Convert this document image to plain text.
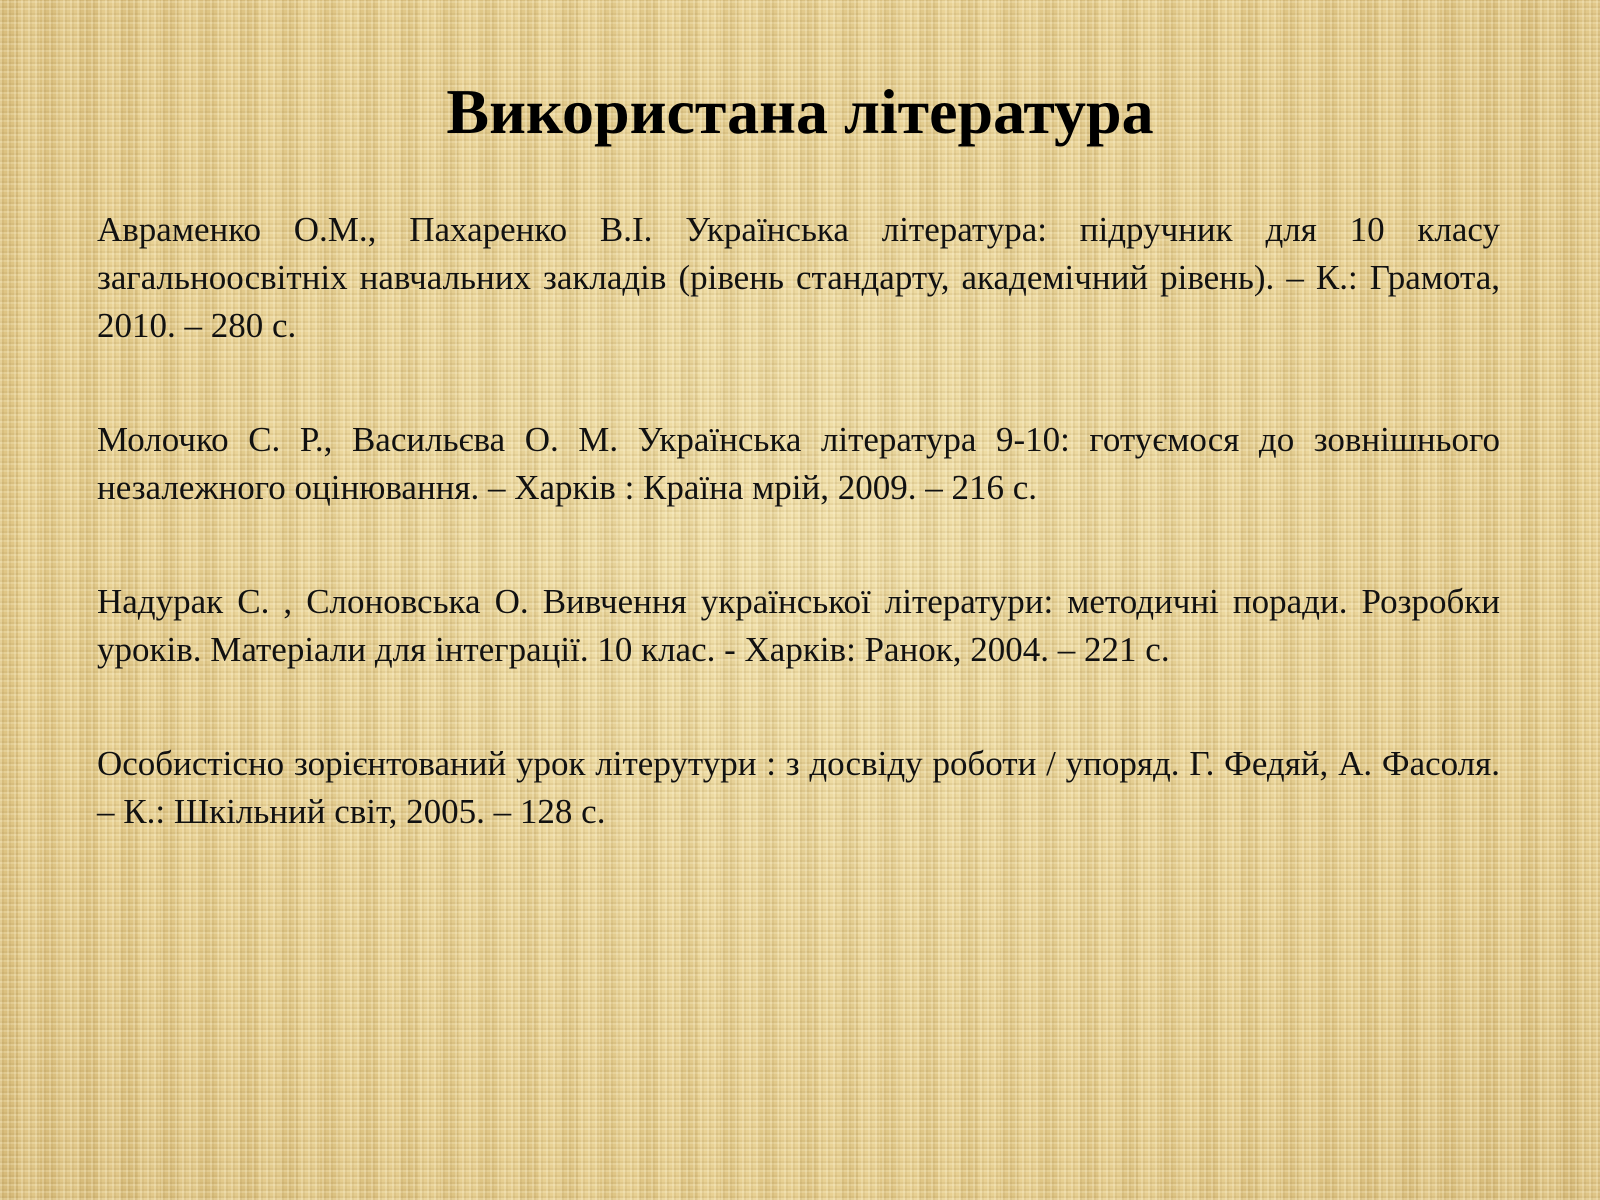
Використана література
Авраменко О.М., Пахаренко В.І. Українська література: підручник для 10 класу загальноосвітніх навчальних закладів (рівень стандарту, академічний рівень). – К.: Грамота, 2010. – 280 с.
Молочко С. Р., Васильєва О. М. Українська література 9-10: готуємося до зовнішнього незалежного оцінювання. – Харків : Країна мрій, 2009. – 216 с.
Надурак С. , Слоновська О. Вивчення української літератури: методичні поради. Розробки уроків. Матеріали для інтеграції. 10 клас. - Харків: Ранок, 2004. – 221 с.
Особистісно зорієнтований урок літерутури : з досвіду роботи / упоряд. Г. Федяй, А. Фасоля. – К.: Шкільний світ, 2005. – 128 с.
